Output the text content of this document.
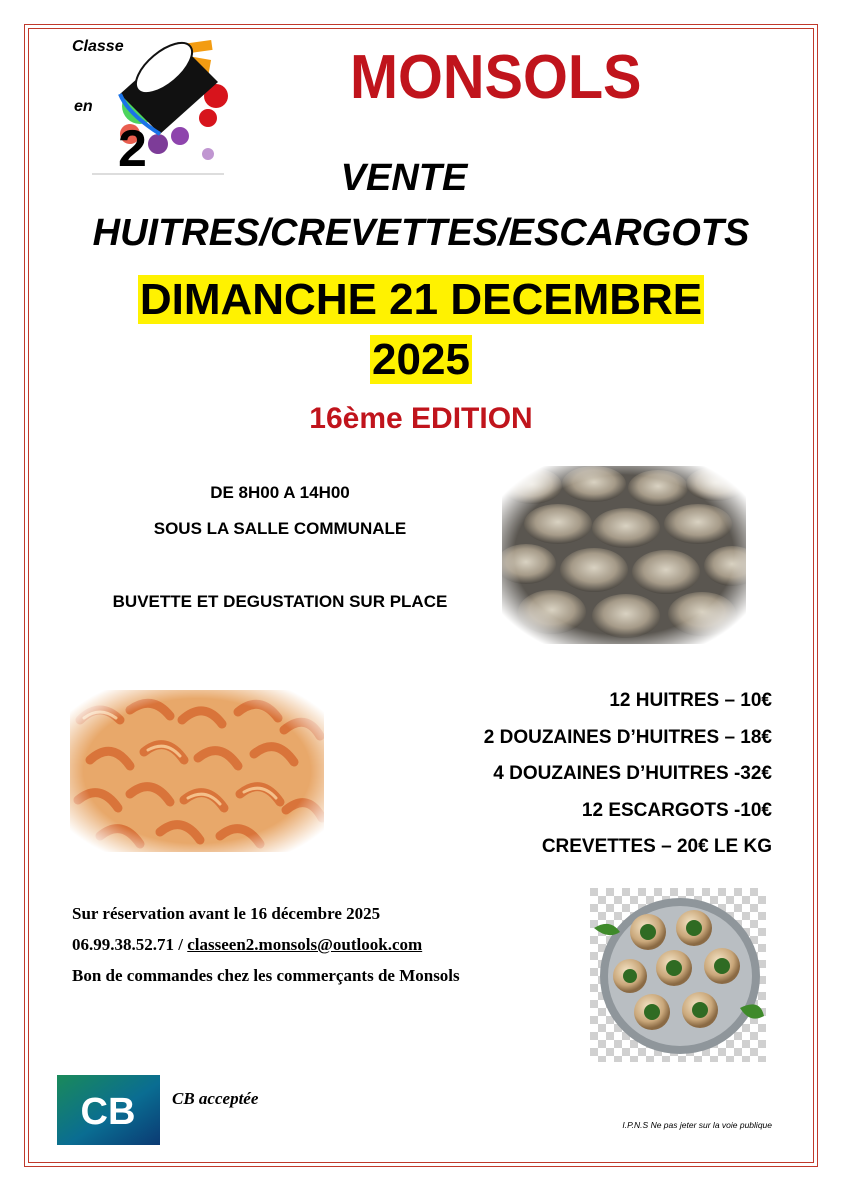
2
Classe
en	MONSOLS
VENTE
HUITRES/CREVETTES/ESCARGOTS
DIMANCHE 21 DECEMBRE
2025
16ème EDITION
DE 8H00 A 14H00
SOUS LA SALLE COMMUNALE
BUVETTE ET DEGUSTATION SUR PLACE
12 HUITRES – 10€
2 DOUZAINES D’HUITRES – 18€
4 DOUZAINES D’HUITRES -32€
12 ESCARGOTS -10€
CREVETTES – 20€ LE KG
Sur réservation avant le 16 décembre 2025
06.99.38.52.71 / classeen2.monsols@outlook.com
Bon de commandes chez les commerçants de Monsols
CB CB acceptée
I.P.N.S Ne pas jeter sur la voie publique
